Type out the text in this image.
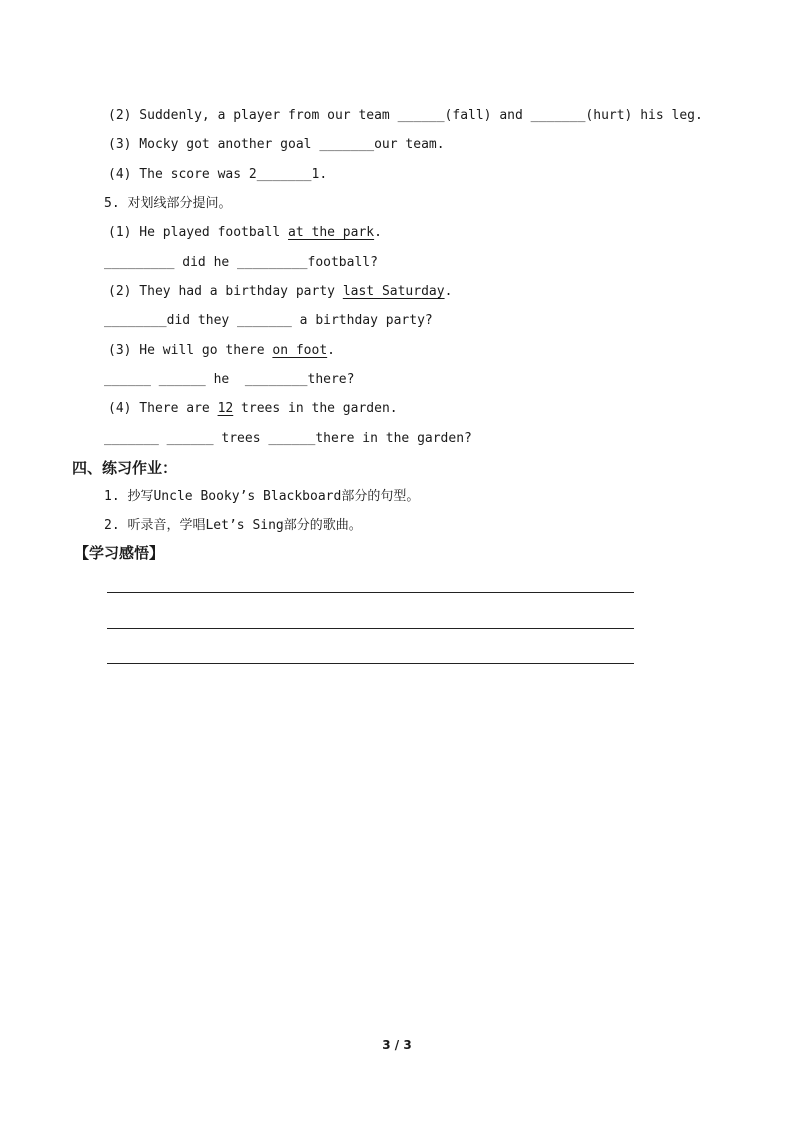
(2) Suddenly, a player from our team ______(fall) and _______(hurt) his leg.
(3) Mocky got another goal _______our team.
(4) The score was 2_______1.
5. 对划线部分提问。
(1) He played football at the park.
_________ did he _________football?
(2) They had a birthday party last Saturday.
________did they _______ a birthday party?
(3) He will go there on foot.
______ ______ he  ________there?
(4) There are 12 trees in the garden.
_______ ______ trees ______there in the garden?
四、练习作业：
1. 抄写Uncle Booky’s Blackboard部分的句型。
2. 听录音，学唱Let’s Sing部分的歌曲。
【学习感悟】
3 / 3
